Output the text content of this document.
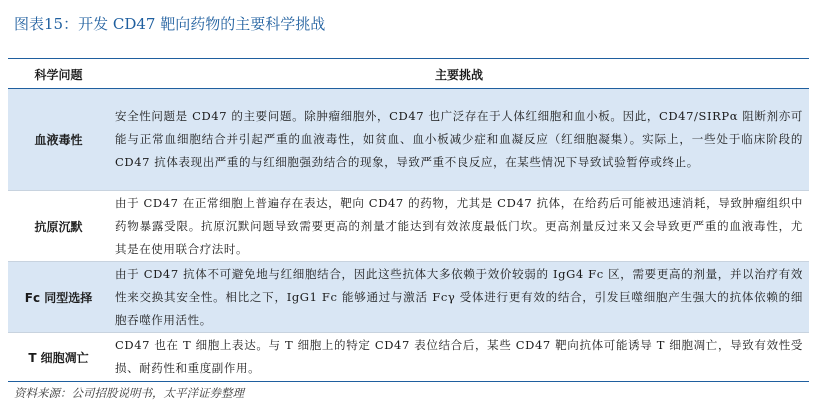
图表15：开发 CD47 靶向药物的主要科学挑战
科学问题	主要挑战
血液毒性	安全性问题是 CD47 的主要问题。除肿瘤细胞外，CD47 也广泛存在于人体红细胞和血小板。因此，CD47/SIRPα 阻断剂亦可能与正常血细胞结合并引起严重的血液毒性，如贫血、血小板减少症和血凝反应（红细胞凝集）。实际上，一些处于临床阶段的 CD47 抗体表现出严重的与红细胞强劲结合的现象，导致严重不良反应，在某些情况下导致试验暂停或终止。
抗原沉默	由于 CD47 在正常细胞上普遍存在表达，靶向 CD47 的药物，尤其是 CD47 抗体，在给药后可能被迅速消耗，导致肿瘤组织中药物暴露受限。抗原沉默问题导致需要更高的剂量才能达到有效浓度最低门坎。更高剂量反过来又会导致更严重的血液毒性，尤其是在使用联合疗法时。
Fc 同型选择	由于 CD47 抗体不可避免地与红细胞结合，因此这些抗体大多依赖于效价较弱的 IgG4 Fc 区，需要更高的剂量，并以治疗有效性来交换其安全性。相比之下，IgG1 Fc 能够通过与激活 Fcγ 受体进行更有效的结合，引发巨噬细胞产生强大的抗体依赖的细胞吞噬作用活性。
T 细胞凋亡	CD47 也在 T 细胞上表达。与 T 细胞上的特定 CD47 表位结合后，某些 CD47 靶向抗体可能诱导 T 细胞凋亡，导致有效性受损、耐药性和重度副作用。
资料来源：公司招股说明书，太平洋证券整理
